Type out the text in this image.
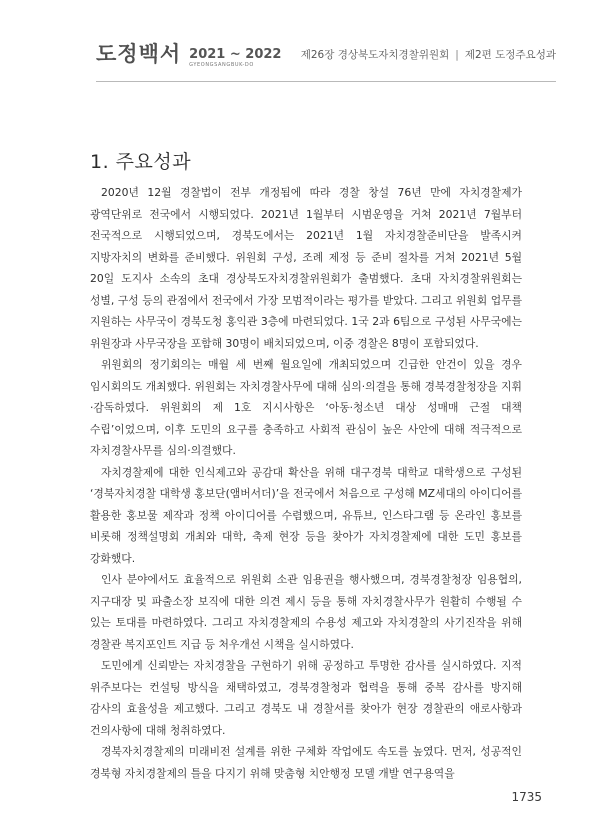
도정백서 2021 ~ 2022
GYEONGSANGBUK-DO
제26장 경상북도자치경찰위원회 | 제2편 도정주요성과
1. 주요성과

2020년 12월 경찰법이 전부 개정됨에 따라 경찰 창설 76년 만에 자치경찰제가 광역단위로 전국에서 시행되었다. 2021년 1월부터 시범운영을 거쳐 2021년 7월부터 전국적으로 시행되었으며, 경북도에서는 2021년 1월 자치경찰준비단을 발족시켜 지방자치의 변화를 준비했다. 위원회 구성, 조례 제정 등 준비 절차를 거쳐 2021년 5월 20일 도지사 소속의 초대 경상북도자치경찰위원회가 출범했다. 초대 자치경찰위원회는 성별, 구성 등의 관점에서 전국에서 가장 모범적이라는 평가를 받았다. 그리고 위원회 업무를 지원하는 사무국이 경북도청 홍익관 3층에 마련되었다. 1국 2과 6팀으로 구성된 사무국에는 위원장과 사무국장을 포함해 30명이 배치되었으며, 이중 경찰은 8명이 포함되었다.

위원회의 정기회의는 매월 세 번째 월요일에 개최되었으며 긴급한 안건이 있을 경우 임시회의도 개최했다. 위원회는 자치경찰사무에 대해 심의·의결을 통해 경북경찰청장을 지휘·감독하였다. 위원회의 제 1호 지시사항은 ‘아동·청소년 대상 성매매 근절 대책 수립’이었으며, 이후 도민의 요구를 충족하고 사회적 관심이 높은 사안에 대해 적극적으로 자치경찰사무를 심의·의결했다.

자치경찰제에 대한 인식제고와 공감대 확산을 위해 대구경북 대학교 대학생으로 구성된 ‘경북자치경찰 대학생 홍보단(앰버서더)’을 전국에서 처음으로 구성해 MZ세대의 아이디어를 활용한 홍보물 제작과 정책 아이디어를 수렴했으며, 유튜브, 인스타그램 등 온라인 홍보를 비롯해 정책설명회 개최와 대학, 축제 현장 등을 찾아가 자치경찰제에 대한 도민 홍보를 강화했다.

인사 분야에서도 효율적으로 위원회 소관 임용권을 행사했으며, 경북경찰청장 임용협의, 지구대장 및 파출소장 보직에 대한 의견 제시 등을 통해 자치경찰사무가 원활히 수행될 수 있는 토대를 마련하였다. 그리고 자치경찰제의 수용성 제고와 자치경찰의 사기진작을 위해 경찰관 복지포인트 지급 등 처우개선 시책을 실시하였다.

도민에게 신뢰받는 자치경찰을 구현하기 위해 공정하고 투명한 감사를 실시하였다. 지적 위주보다는 컨설팅 방식을 채택하였고, 경북경찰청과 협력을 통해 중복 감사를 방지해 감사의 효율성을 제고했다. 그리고 경북도 내 경찰서를 찾아가 현장 경찰관의 애로사항과 건의사항에 대해 청취하였다.

경북자치경찰제의 미래비전 설계를 위한 구체화 작업에도 속도를 높였다. 먼저, 성공적인 경북형 자치경찰제의 틀을 다지기 위해 맞춤형 치안행정 모델 개발 연구용역을

1735
